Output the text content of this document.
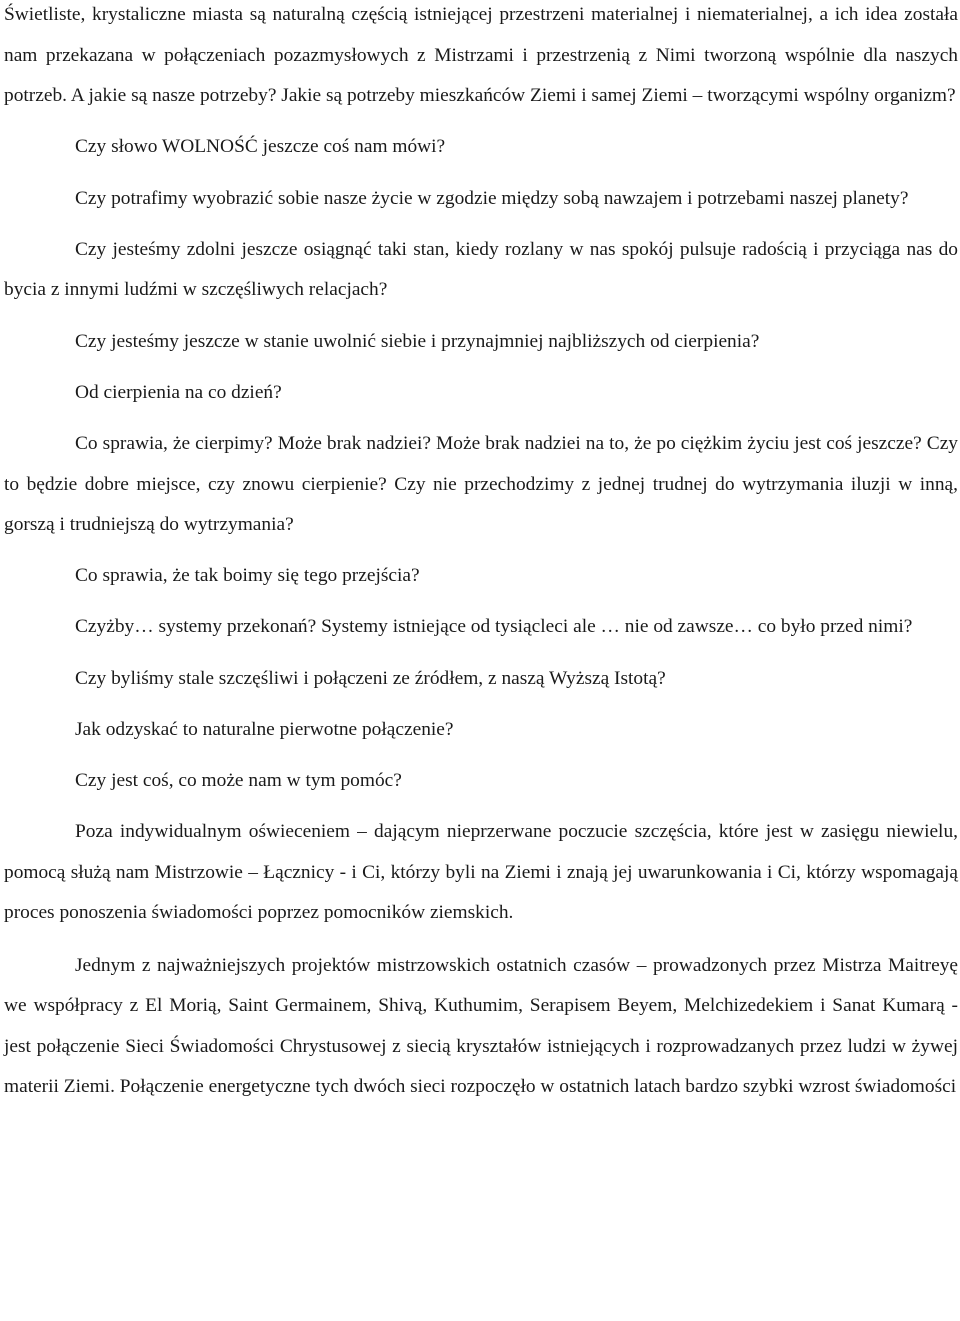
Świetliste, krystaliczne miasta są naturalną częścią istniejącej przestrzeni materialnej i niematerialnej, a ich idea została nam przekazana w połączeniach pozazmysłowych z Mistrzami i przestrzenią z Nimi tworzoną wspólnie dla naszych potrzeb. A jakie są nasze potrzeby? Jakie są potrzeby mieszkańców Ziemi i samej Ziemi – tworzącymi wspólny organizm?

Czy słowo WOLNOŚĆ jeszcze coś nam mówi?

Czy potrafimy wyobrazić sobie nasze życie w zgodzie między sobą nawzajem i potrzebami naszej planety?

Czy jesteśmy zdolni jeszcze osiągnąć taki stan, kiedy rozlany w nas spokój pulsuje radością i przyciąga nas do bycia z innymi ludźmi w szczęśliwych relacjach?

Czy jesteśmy jeszcze w stanie uwolnić siebie i przynajmniej najbliższych od cierpienia?

Od cierpienia na co dzień?

Co sprawia, że cierpimy? Może brak nadziei? Może brak nadziei na to, że po ciężkim życiu jest coś jeszcze? Czy to będzie dobre miejsce, czy znowu cierpienie? Czy nie przechodzimy z jednej trudnej do wytrzymania iluzji w inną, gorszą i trudniejszą do wytrzymania?

Co sprawia, że tak boimy się tego przejścia?

Czyżby… systemy przekonań? Systemy istniejące od tysiącleci ale … nie od zawsze… co było przed nimi?

Czy byliśmy stale szczęśliwi i połączeni ze źródłem, z naszą Wyższą Istotą?

Jak odzyskać to naturalne pierwotne połączenie?

Czy jest coś, co może nam w tym pomóc?

Poza indywidualnym oświeceniem – dającym nieprzerwane poczucie szczęścia, które jest w zasięgu niewielu, pomocą służą nam Mistrzowie – Łącznicy - i Ci, którzy byli na Ziemi i znają jej uwarunkowania i Ci, którzy wspomagają proces ponoszenia świadomości poprzez pomocników ziemskich.

Jednym z najważniejszych projektów mistrzowskich ostatnich czasów – prowadzonych przez Mistrza Maitreyę we współpracy z El Morią, Saint Germainem, Shivą, Kuthumim, Serapisem Beyem, Melchizedekiem i Sanat Kumarą - jest połączenie Sieci Świadomości Chrystusowej z siecią kryształów istniejących i rozprowadzanych przez ludzi w żywej materii Ziemi. Połączenie energetyczne tych dwóch sieci rozpoczęło w ostatnich latach bardzo szybki wzrost świadomości
